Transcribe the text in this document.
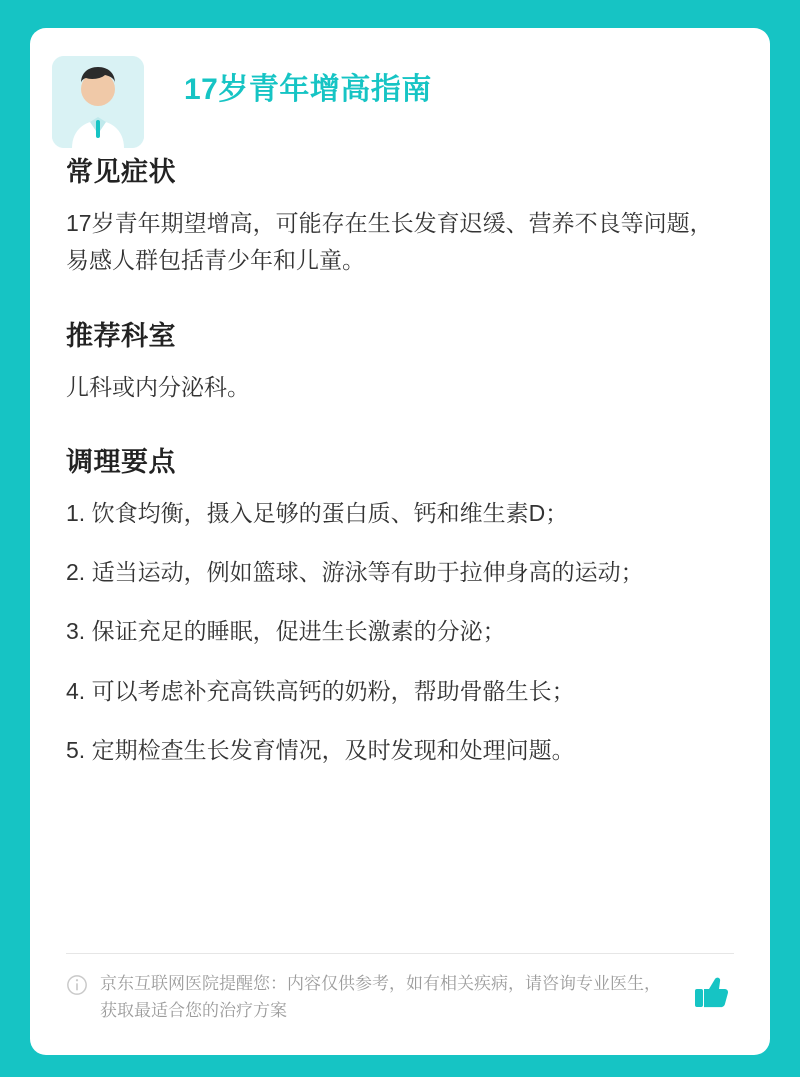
17岁青年增高指南
常见症状

17岁青年期望增高，可能存在生长发育迟缓、营养不良等问题，易感人群包括青少年和儿童。

推荐科室

儿科或内分泌科。

调理要点
1. 饮食均衡，摄入足够的蛋白质、钙和维生素D；
2. 适当运动，例如篮球、游泳等有助于拉伸身高的运动；
3. 保证充足的睡眠，促进生长激素的分泌；
4. 可以考虑补充高铁高钙的奶粉，帮助骨骼生长；
5. 定期检查生长发育情况，及时发现和处理问题。
京东互联网医院提醒您：内容仅供参考，如有相关疾病，请咨询专业医生，获取最适合您的治疗方案
